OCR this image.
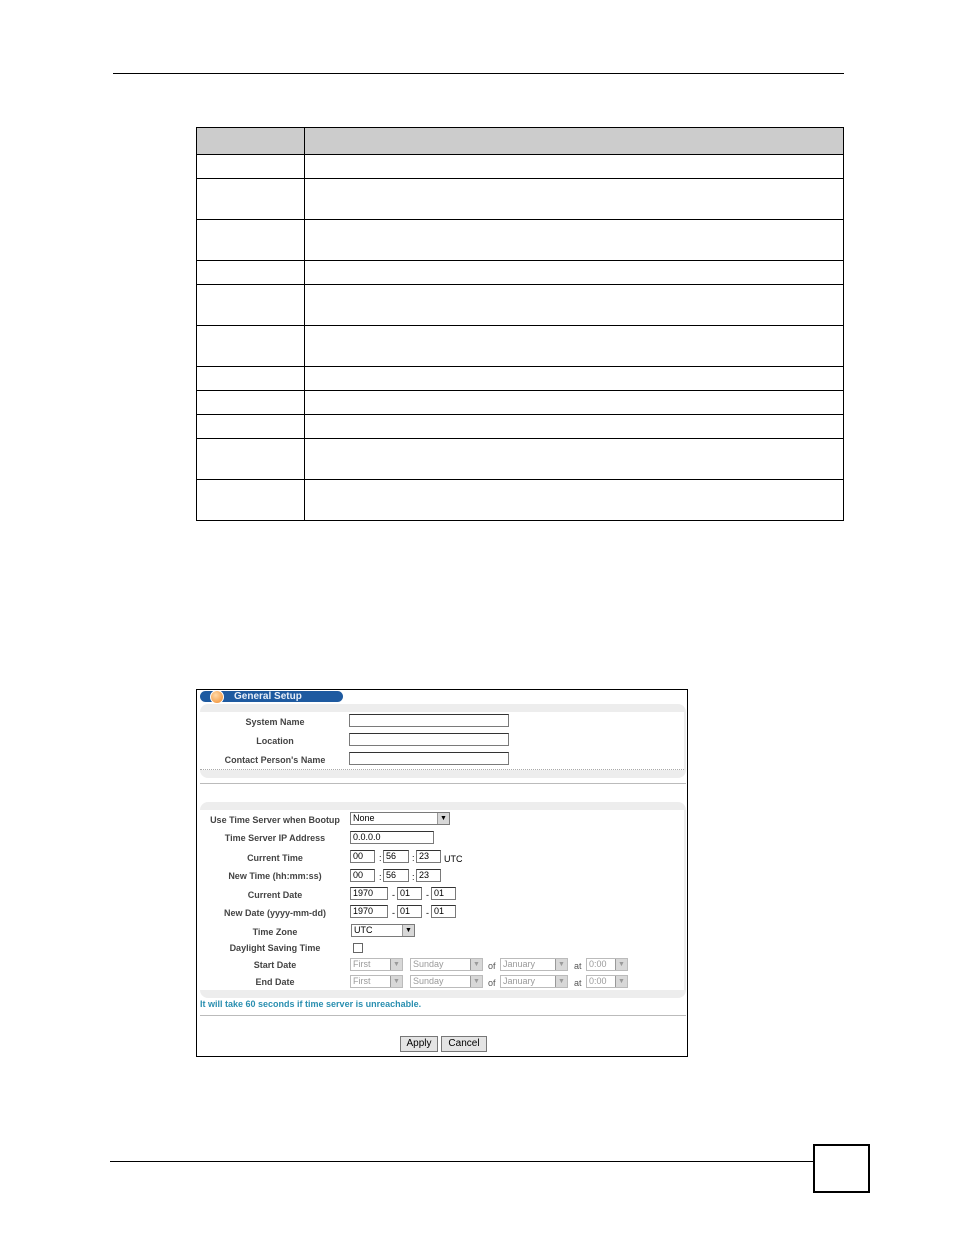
General Setup
System Name
Location
Contact Person's Name
Use Time Server when Bootup	None	▼
Time Server IP Address	0.0.0.0
Current Time	00	: 56	: 23	UTC
New Time (hh:mm:ss)	00	: 56	: 23
Current Date	1970	- 01	- 01
New Date (yyyy-mm-dd)	1970	- 01	- 01
Time Zone	UTC	▼
Daylight Saving Time
Start Date	First	▼	Sunday	▼ of January	▼ at 0:00	▼
End Date	First	▼	Sunday	▼ of January	▼ at 0:00	▼
It will take 60 seconds if time server is unreachable.
Apply	Cancel
